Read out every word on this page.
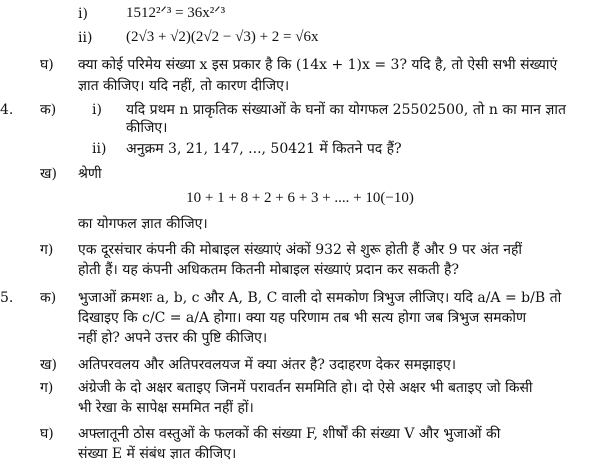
i)	1512²ᐟ³ = 36x²ᐟ³
ii) (2√3 + √2)(2√2 − √3) + 2 = √6x
घ) क्या कोई परिमेय संख्या x इस प्रकार है कि (14x + 1)x = 3? यदि है, तो ऐसी सभी संख्याएं
ज्ञात कीजिए। यदि नहीं, तो कारण दीजिए।
4. क)	i) यदि प्रथम n प्राकृतिक संख्याओं के घनों का योगफल 25502500, तो n का मान ज्ञात
कीजिए।
ii) अनुक्रम 3, 21, 147, ..., 50421 में कितने पद हैं?
ख) श्रेणी
10 + 1 + 8 + 2 + 6 + 3 + .... + 10(−10)
का योगफल ज्ञात कीजिए।
ग) एक दूरसंचार कंपनी की मोबाइल संख्याएं अंकों 932 से शुरू होती हैं और 9 पर अंत नहीं
होती हैं। यह कंपनी अधिकतम कितनी मोबाइल संख्याएं प्रदान कर सकती है?
5. क) भुजाओं क्रमशः a, b, c और A, B, C वाली दो समकोण त्रिभुज लीजिए। यदि a/A = b/B तो
दिखाइए कि c/C = a/A होगा। क्या यह परिणाम तब भी सत्य होगा जब त्रिभुज समकोण
नहीं हो? अपने उत्तर की पुष्टि कीजिए।
ख) अतिपरवलय और अतिपरवलयज में क्या अंतर है? उदाहरण देकर समझाइए।
ग) अंग्रेजी के दो अक्षर बताइए जिनमें परावर्तन सममिति हो। दो ऐसे अक्षर भी बताइए जो किसी
भी रेखा के सापेक्ष सममित नहीं हों।
घ) अफ्लातूनी ठोस वस्तुओं के फलकों की संख्या F, शीर्षों की संख्या V और भुजाओं की
संख्या E में संबंध ज्ञात कीजिए।
